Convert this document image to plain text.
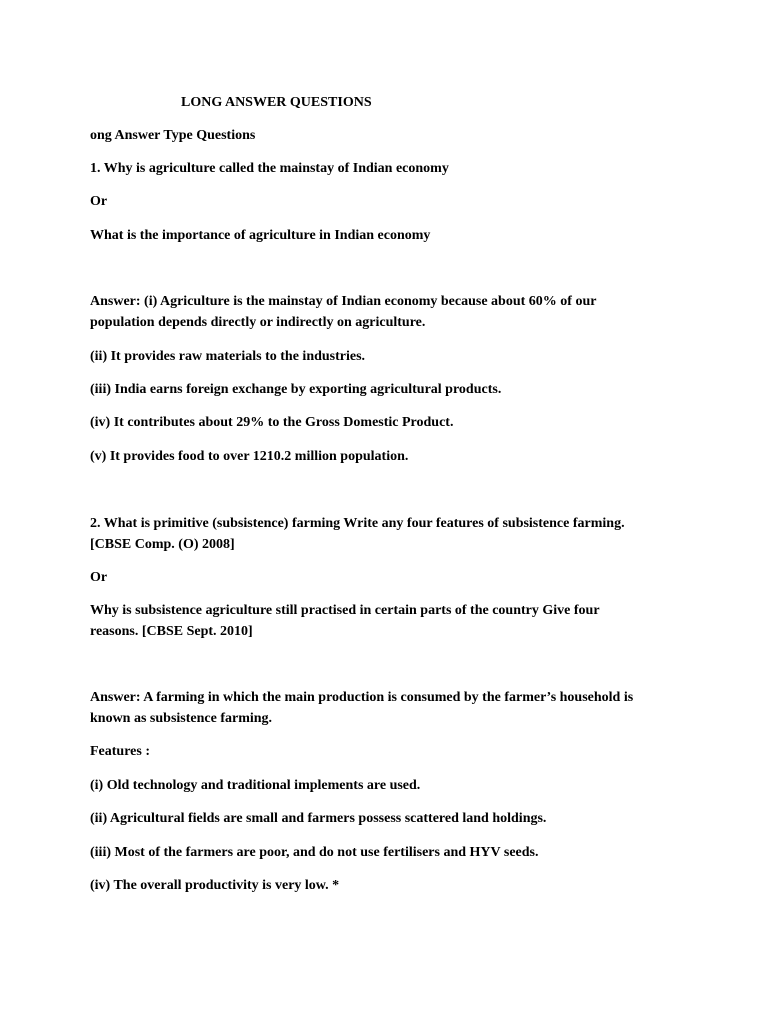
LONG ANSWER QUESTIONS

ong Answer Type Questions

1. Why is agriculture called the mainstay of Indian economy

Or

What is the importance of agriculture in Indian economy

Answer: (i) Agriculture is the mainstay of Indian economy because about 60% of our

population depends directly or indirectly on agriculture.

(ii) It provides raw materials to the industries.

(iii) India earns foreign exchange by exporting agricultural products.

(iv) It contributes about 29% to the Gross Domestic Product.

(v) It provides food to over 1210.2 million population.

2. What is primitive (subsistence) farming Write any four features of subsistence farming.

[CBSE Comp. (O) 2008]

Or

Why is subsistence agriculture still practised in certain parts of the country Give four

reasons. [CBSE Sept. 2010]

Answer: A farming in which the main production is consumed by the farmer’s household is

known as subsistence farming.

Features :

(i) Old technology and traditional implements are used.

(ii) Agricultural fields are small and farmers possess scattered land holdings.

(iii) Most of the farmers are poor, and do not use fertilisers and HYV seeds.

(iv) The overall productivity is very low. *
